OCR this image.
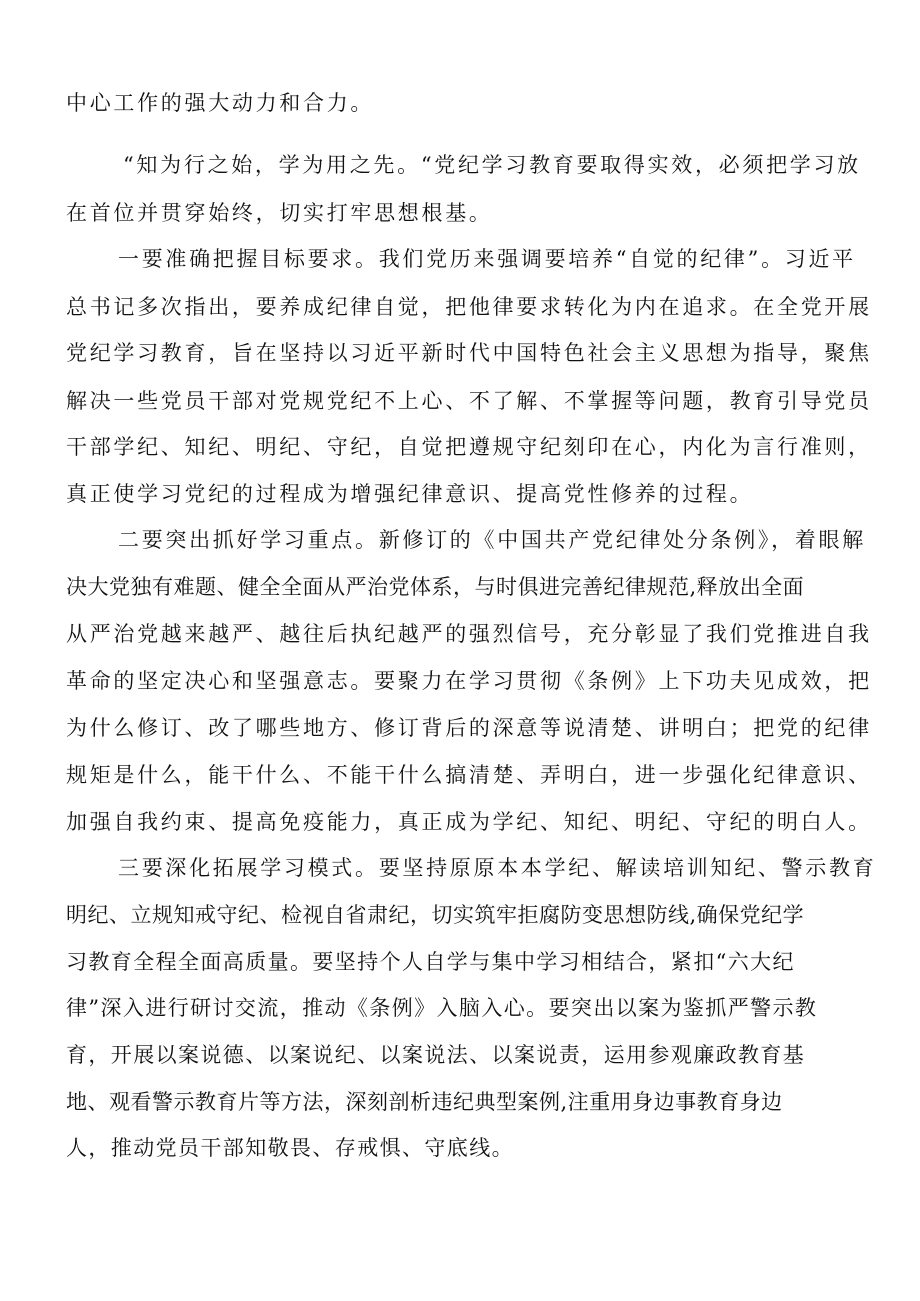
中心工作的强大动力和合力。
“知为行之始，学为用之先。“党纪学习教育要取得实效，必须把学习放
在首位并贯穿始终，切实打牢思想根基。
一要准确把握目标要求。我们党历来强调要培养“自觉的纪律”。习近平
总书记多次指出，要养成纪律自觉，把他律要求转化为内在追求。在全党开展
党纪学习教育，旨在坚持以习近平新时代中国特色社会主义思想为指导，聚焦
解决一些党员干部对党规党纪不上心、不了解、不掌握等问题，教育引导党员
干部学纪、知纪、明纪、守纪，自觉把遵规守纪刻印在心，内化为言行准则，
真正使学习党纪的过程成为增强纪律意识、提高党性修养的过程。
二要突出抓好学习重点。新修订的《中国共产党纪律处分条例》，着眼解
决大党独有难题、健全全面从严治党体系，与时俱进完善纪律规范,释放出全面
从严治党越来越严、越往后执纪越严的强烈信号，充分彰显了我们党推进自我
革命的坚定决心和坚强意志。要聚力在学习贯彻《条例》上下功夫见成效，把
为什么修订、改了哪些地方、修订背后的深意等说清楚、讲明白；把党的纪律
规矩是什么，能干什么、不能干什么搞清楚、弄明白，进一步强化纪律意识、
加强自我约束、提高免疫能力，真正成为学纪、知纪、明纪、守纪的明白人。
三要深化拓展学习模式。要坚持原原本本学纪、解读培训知纪、警示教育
明纪、立规知戒守纪、检视自省肃纪，切实筑牢拒腐防变思想防线,确保党纪学
习教育全程全面高质量。要坚持个人自学与集中学习相结合，紧扣“六大纪
律”深入进行研讨交流，推动《条例》入脑入心。要突出以案为鉴抓严警示教
育，开展以案说德、以案说纪、以案说法、以案说责，运用参观廉政教育基
地、观看警示教育片等方法，深刻剖析违纪典型案例,注重用身边事教育身边
人，推动党员干部知敬畏、存戒惧、守底线。
